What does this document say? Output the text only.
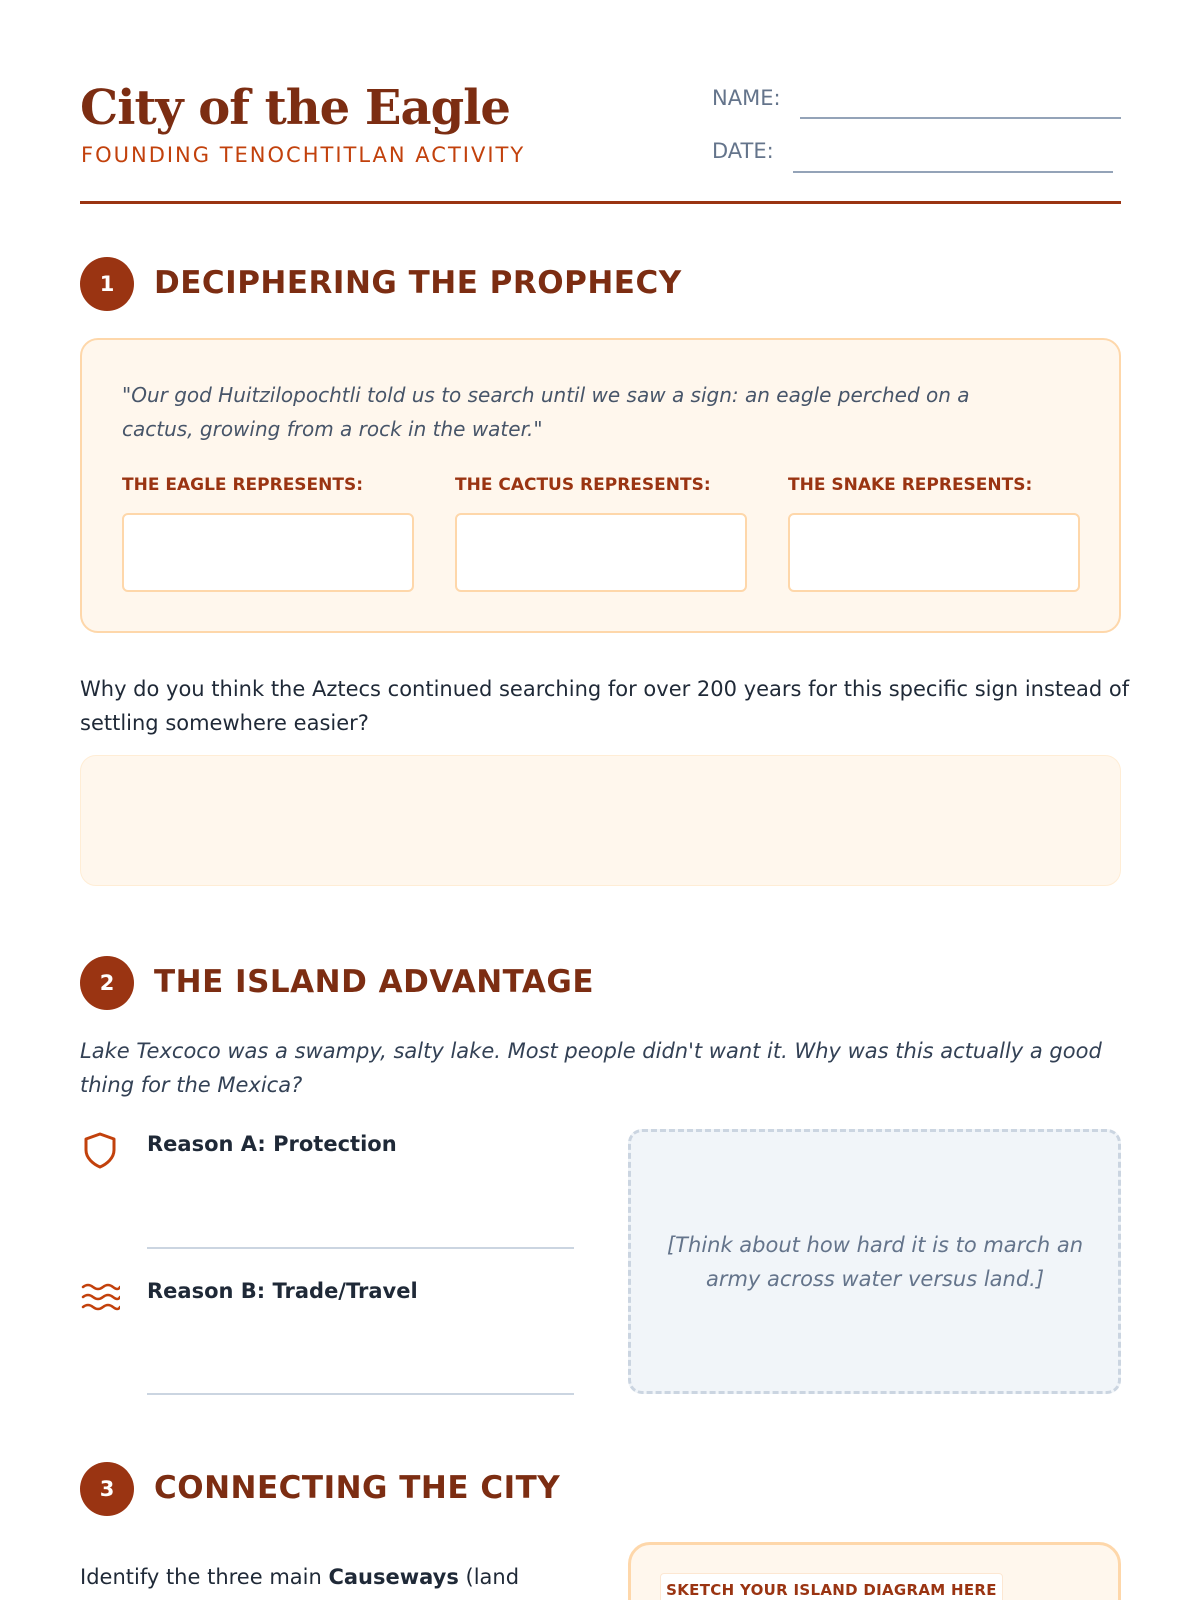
City of the Eagle
FOUNDING TENOCHTITLAN ACTIVITY
NAME:
DATE:
1	DECIPHERING THE PROPHECY
"Our god Huitzilopochtli told us to search until we saw a sign: an eagle perched on a cactus, growing from a rock in the water."
THE EAGLE REPRESENTS:	THE CACTUS REPRESENTS:	THE SNAKE REPRESENTS:
Why do you think the Aztecs continued searching for over 200 years for this specific sign instead of settling somewhere easier?
2	THE ISLAND ADVANTAGE
Lake Texcoco was a swampy, salty lake. Most people didn't want it. Why was this actually a good thing for the Mexica?
Reason A: Protection
Reason B: Trade/Travel
[Think about how hard it is to march an army across water versus land.]
3	CONNECTING THE CITY
Identify the three main Causeways (land
SKETCH YOUR ISLAND DIAGRAM HERE
